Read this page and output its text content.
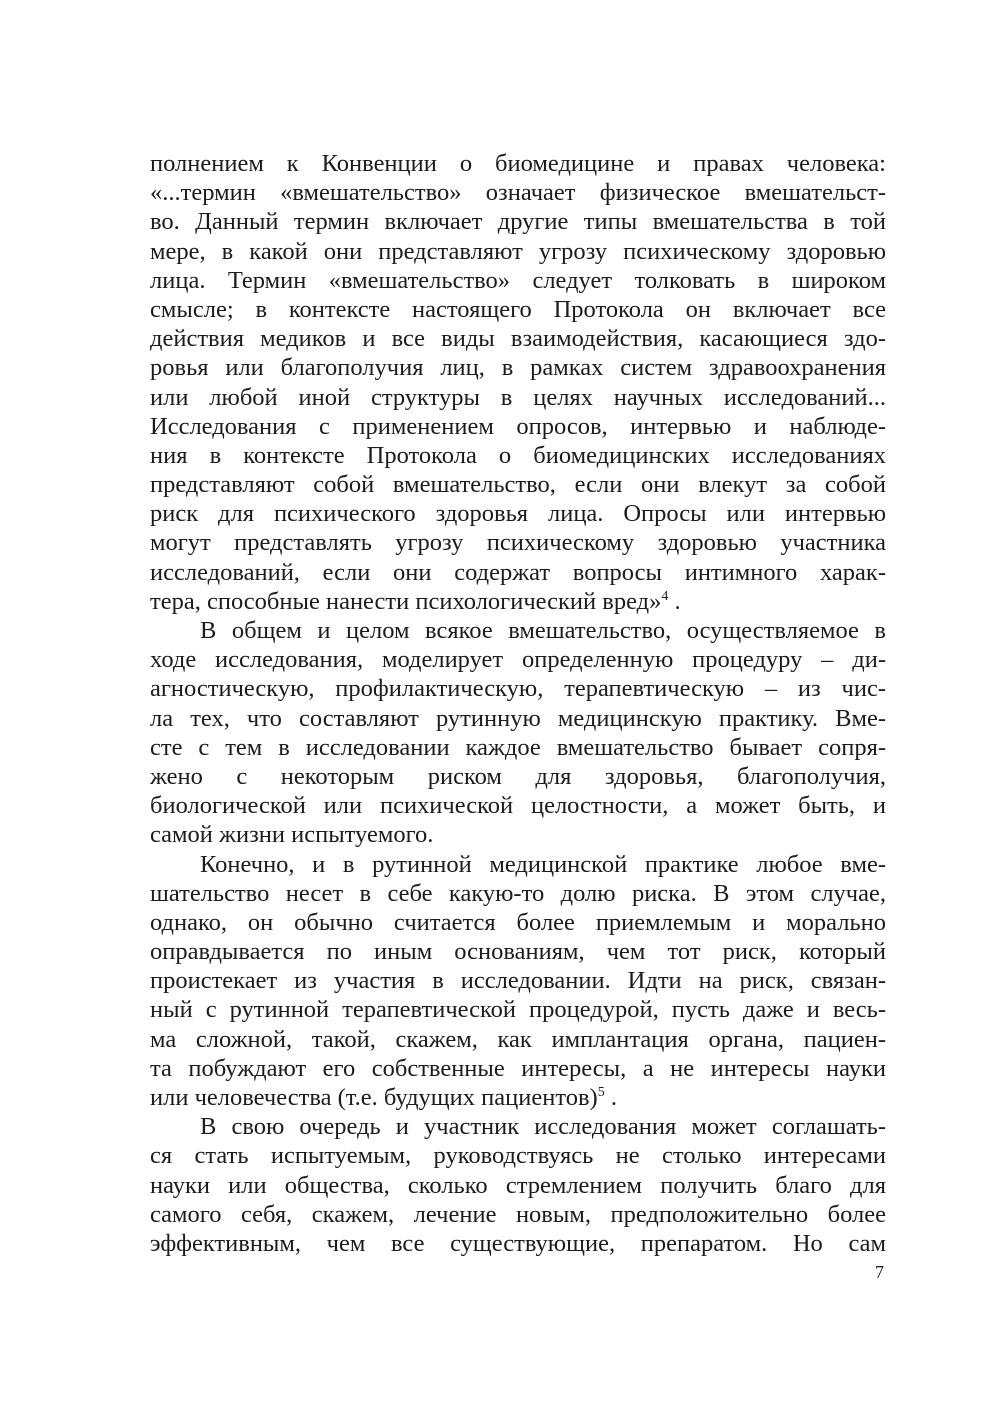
полнением к Конвенции о биомедицине и правах человека:
«...термин «вмешательство» означает физическое вмешательст-
во. Данный термин включает другие типы вмешательства в той
мере, в какой они представляют угрозу психическому здоровью
лица. Термин «вмешательство» следует толковать в широком
смысле; в контексте настоящего Протокола он включает все
действия медиков и все виды взаимодействия, касающиеся здо-
ровья или благополучия лиц, в рамках систем здравоохранения
или любой иной структуры в целях научных исследований...
Исследования с применением опросов, интервью и наблюде-
ния в контексте Протокола о биомедицинских исследованиях
представляют собой вмешательство, если они влекут за собой
риск для психического здоровья лица. Опросы или интервью
могут представлять угрозу психическому здоровью участника
исследований, если они содержат вопросы интимного харак-
тера, способные нанести психологический вред»$^4$ .
В общем и целом всякое вмешательство, осуществляемое в
ходе исследования, моделирует определенную процедуру – ди-
агностическую, профилактическую, терапевтическую – из чис-
ла тех, что составляют рутинную медицинскую практику. Вме-
сте с тем в исследовании каждое вмешательство бывает сопря-
жено с некоторым риском для здоровья, благополучия,
биологической или психической целостности, а может быть, и
самой жизни испытуемого.
Конечно, и в рутинной медицинской практике любое вме-
шательство несет в себе какую-то долю риска. В этом случае,
однако, он обычно считается более приемлемым и морально
оправдывается по иным основаниям, чем тот риск, который
проистекает из участия в исследовании. Идти на риск, связан-
ный с рутинной терапевтической процедурой, пусть даже и весь-
ма сложной, такой, скажем, как имплантация органа, пациен-
та побуждают его собственные интересы, а не интересы науки
или человечества (т.е. будущих пациентов)$^5$ .
В свою очередь и участник исследования может соглашать-
ся стать испытуемым, руководствуясь не столько интересами
науки или общества, сколько стремлением получить благо для
самого себя, скажем, лечение новым, предположительно более
эффективным, чем все существующие, препаратом. Но сам
7
